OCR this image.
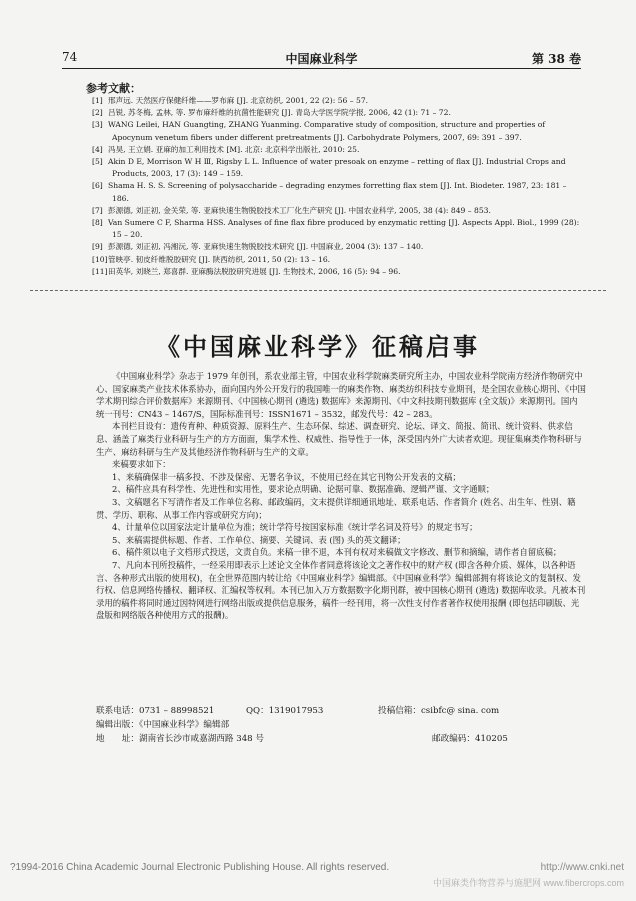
74	中国麻业科学	第 38 卷
参考文献：

[1] 邢声远. 天然医疗保健纤维——罗布麻 [J]. 北京纺织, 2001, 22 (2): 56 – 57.

[2] 吕锐, 苏冬梅, 孟林, 等. 罗布麻纤维的抗菌性能研究 [J]. 青岛大学医学院学报, 2006, 42 (1): 71 – 72.

[3] WANG Leilei, HAN Guangting, ZHANG Yuanming. Comparative study of composition, structure and properties of Apocynum venetum fibers under different pretreatments [J]. Carbohydrate Polymers, 2007, 69: 391 – 397.

[4] 冯昊, 王立娟. 亚麻的加工利用技术 [M]. 北京: 北京科学出版社, 2010: 25.

[5] Akin D E, Morrison W H Ⅲ, Rigsby L L. Influence of water presoak on enzyme – retting of flax [J]. Industrial Crops and Products, 2003, 17 (3): 149 – 159.

[6] Shama H. S. S. Screening of polysaccharide – degrading enzymes forretting flax stem [J]. Int. Biodeter. 1987, 23: 181 – 186.

[7] 彭源德, 刘正初, 金关荣, 等. 亚麻快速生物脱胶技术工厂化生产研究 [J]. 中国农业科学, 2005, 38 (4): 849 – 853.

[8] Van Sumere C F, Sharma HSS. Analyses of fine flax fibre produced by enzymatic retting [J]. Aspects Appl. Biol., 1999 (28): 15 – 20.

[9] 彭源德, 刘正初, 冯湘沅, 等. 亚麻快速生物脱胶技术研究 [J]. 中国麻业, 2004 (3): 137 – 140.

[10]管映亭. 韧皮纤维脱胶研究 [J]. 陕西纺织, 2011, 50 (2): 13 – 16.

[11]田英华, 刘晓兰, 郑喜群. 亚麻酶法脱胶研究进展 [J]. 生物技术, 2006, 16 (5): 94 – 96.

《中国麻业科学》征稿启事

《中国麻业科学》杂志于 1979 年创刊，系农业部主管，中国农业科学院麻类研究所主办，中国农业科学院南方经济作物研究中心、国家麻类产业技术体系协办，面向国内外公开发行的我国唯一的麻类作物、麻类纺织科技专业期刊，是全国农业核心期刊、《中国学术期刊综合评价数据库》来源期刊、《中国核心期刊 (遴选) 数据库》来源期刊、《中文科技期刊数据库 (全文版)》来源期刊。国内统一刊号：CN43 – 1467/S，国际标准刊号：ISSN1671 – 3532，邮发代号：42 – 283。

本刊栏目设有：遗传育种、种质资源、原料生产、生态环保、综述、调查研究、论坛、译文、简报、简讯、统计资料、供求信息、涵盖了麻类行业科研与生产的方方面面，集学术性、权威性、指导性于一体，深受国内外广大读者欢迎。现征集麻类作物科研与生产、麻纺科研与生产及其他经济作物科研与生产的文章。

来稿要求如下：

1、来稿确保非一稿多投、不涉及保密、无署名争议，不使用已经在其它刊物公开发表的文稿；

2、稿件应具有科学性、先进性和实用性，要求论点明确、论据可靠、数据准确、逻辑严谨、文字通顺；

3、文稿题名下写清作者及工作单位名称、邮政编码，文末提供详细通讯地址、联系电话、作者简介 (姓名、出生年、性别、籍贯、学历、职称、从事工作内容或研究方向)；

4、计量单位以国家法定计量单位为准；统计学符号按国家标准《统计学名词及符号》的规定书写；

5、来稿需提供标题、作者、工作单位、摘要、关键词、表 (图) 头的英文翻译；

6、稿件须以电子文档形式投送，文责自负。来稿一律不退，本刊有权对来稿做文字修改、删节和摘编，请作者自留底稿；

7、凡向本刊所投稿件，一经采用即表示上述论文全体作者同意将该论文之著作权中的财产权 (即含各种介质、媒体，以各种语言、各种形式出版的使用权)，在全世界范围内转让给《中国麻业科学》编辑部。《中国麻业科学》编辑部拥有将该论文的复制权、发行权、信息网络传播权、翻译权、汇编权等权利。本刊已加入万方数据数字化期刊群，被中国核心期刊 (遴选) 数据库收录。凡被本刊录用的稿件将同时通过因特网进行网络出版或提供信息服务，稿件一经刊用，将一次性支付作者著作权使用报酬 (即包括印刷版、光盘版和网络版各种使用方式的报酬)。

联系电话：0731 – 88998521	QQ：1319017953	投稿信箱：csibfc@ sina. com
编辑出版：《中国麻业科学》编辑部
地　　址：湖南省长沙市咸嘉湖西路 348 号	邮政编码：410205
?1994-2016 China Academic Journal Electronic Publishing House. All rights reserved.	http://www.cnki.net
中国麻类作物营养与施肥网 www.fibercrops.com
